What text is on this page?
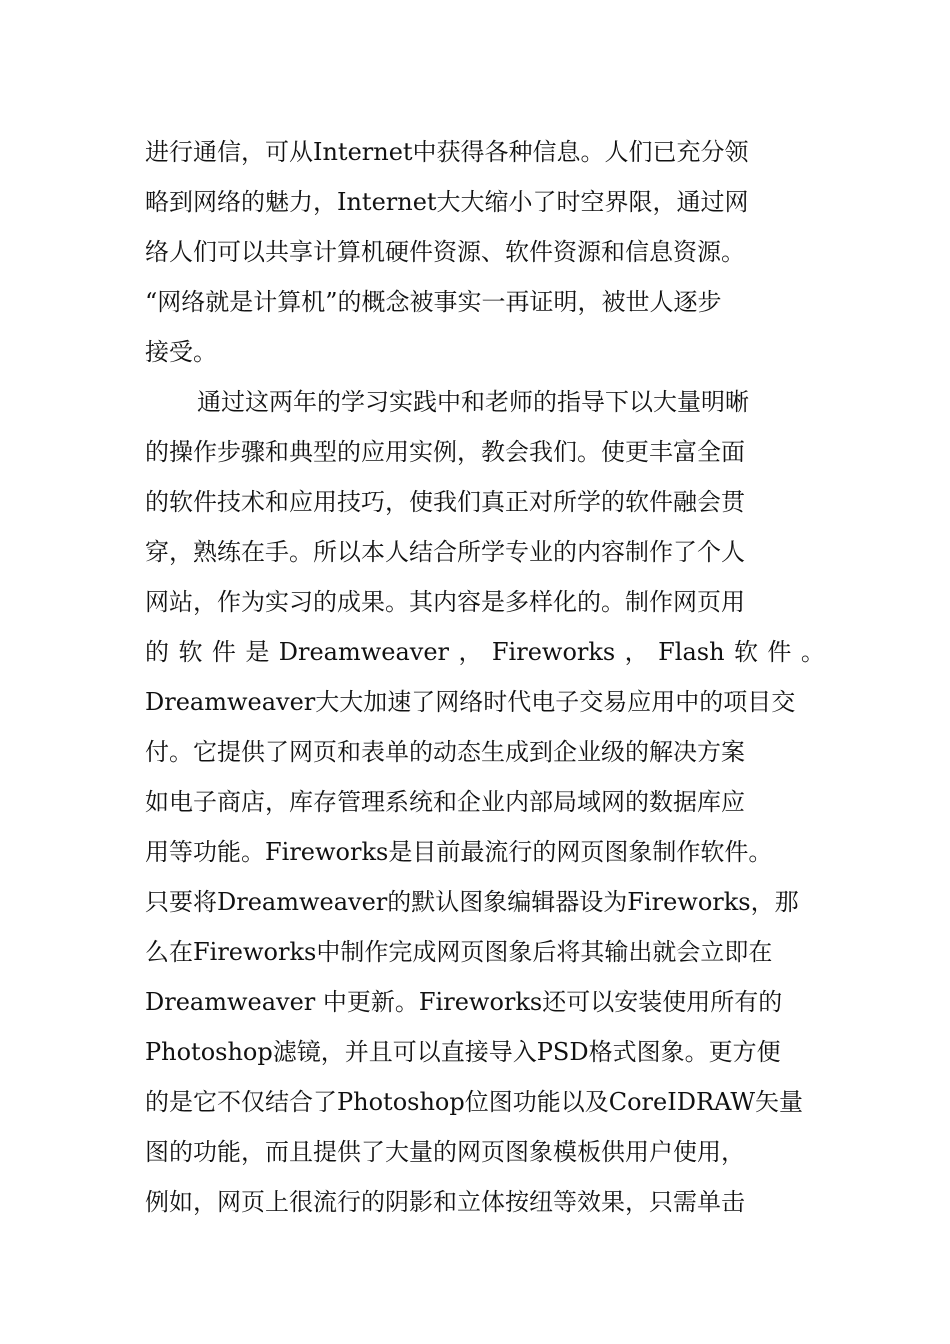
进行通信，可从Internet中获得各种信息。人们已充分领
略到网络的魅力，Internet大大缩小了时空界限，通过网
络人们可以共享计算机硬件资源、软件资源和信息资源。
“网络就是计算机”的概念被事实一再证明，被世人逐步
接受。
通过这两年的学习实践中和老师的指导下以大量明晰
的操作步骤和典型的应用实例，教会我们。使更丰富全面
的软件技术和应用技巧，使我们真正对所学的软件融会贯
穿，熟练在手。所以本人结合所学专业的内容制作了个人
网站，作为实习的成果。其内容是多样化的。制作网页用
的 软 件 是 Dreamweaver ， Fireworks ， Flash 软 件 。
Dreamweaver大大加速了网络时代电子交易应用中的项目交
付。它提供了网页和表单的动态生成到企业级的解决方案
如电子商店，库存管理系统和企业内部局域网的数据库应
用等功能。Fireworks是目前最流行的网页图象制作软件。
只要将Dreamweaver的默认图象编辑器设为Fireworks，那
么在Fireworks中制作完成网页图象后将其输出就会立即在
Dreamweaver 中更新。Fireworks还可以安装使用所有的
Photoshop滤镜，并且可以直接导入PSD格式图象。更方便
的是它不仅结合了Photoshop位图功能以及CoreIDRAW矢量
图的功能，而且提供了大量的网页图象模板供用户使用，
例如，网页上很流行的阴影和立体按纽等效果，只需单击
